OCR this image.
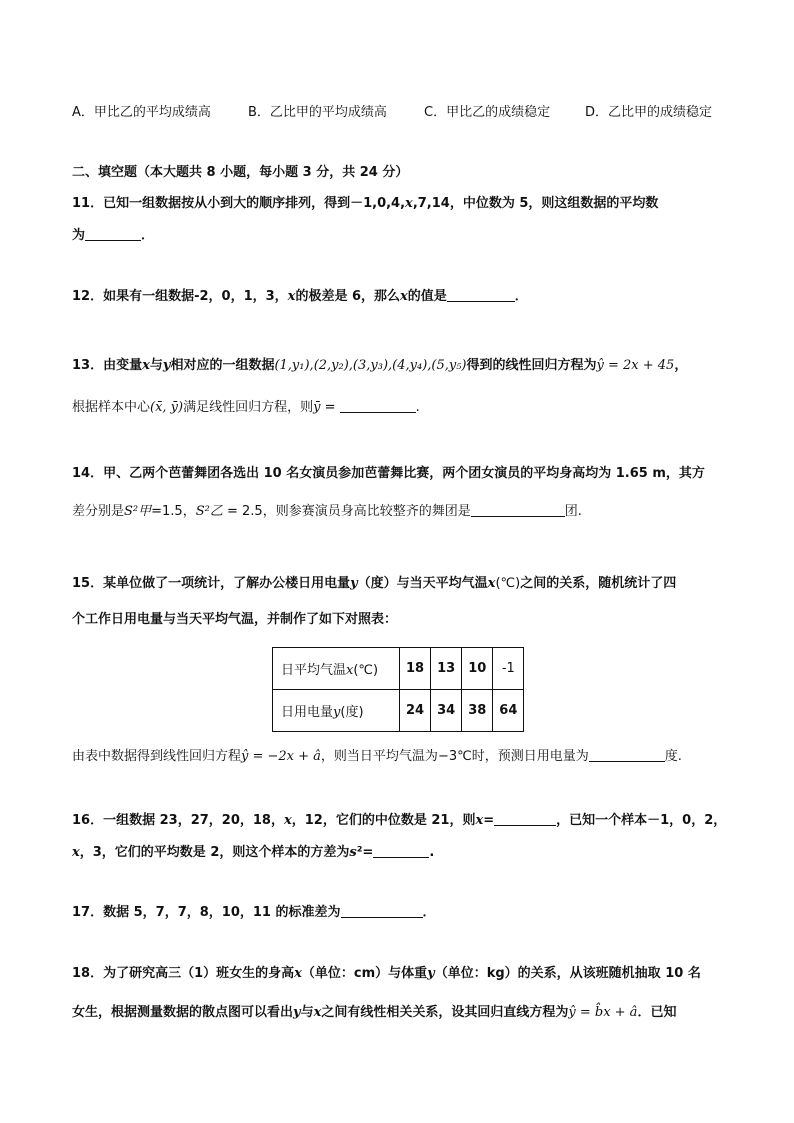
A．甲比乙的平均成绩高	B．乙比甲的平均成绩高	C．甲比乙的成绩稳定	D．乙比甲的成绩稳定
二、填空题（本大题共 8 小题，每小题 3 分，共 24 分）
11．已知一组数据按从小到大的顺序排列，得到－1,0,4,x,7,14，中位数为 5，则这组数据的平均数
为	．
12．如果有一组数据-2，0，1，3，x的极差是 6，那么x的值是	．
13．由变量x与y相对应的一组数据(1,y₁),(2,y₂),(3,y₃),(4,y₄),(5,y₅)得到的线性回归方程为ŷ = 2x + 45，
根据样本中心(x̄, ȳ)满足线性回归方程，则ȳ =	.
14．甲、乙两个芭蕾舞团各选出 10 名女演员参加芭蕾舞比赛，两个团女演员的平均身高均为 1.65 m，其方
差分别是S²甲=1.5，S²乙 = 2.5，则参赛演员身高比较整齐的舞团是	团.
15．某单位做了一项统计，了解办公楼日用电量y（度）与当天平均气温x(℃)之间的关系，随机统计了四
个工作日用电量与当天平均气温，并制作了如下对照表：
日平均气温x(℃)	18	13	10	-1
日用电量y(度)	24	34	38	64
由表中数据得到线性回归方程ŷ = −2x + â，则当日平均气温为−3℃时，预测日用电量为	度.
16．一组数据 23，27，20，18，x，12，它们的中位数是 21，则x=	，已知一个样本－1，0，2，
x，3，它们的平均数是 2，则这个样本的方差为s²=	.
17．数据 5，7，7，8，10，11 的标准差为	．
18．为了研究高三（1）班女生的身高x（单位：cm）与体重y（单位：kg）的关系，从该班随机抽取 10 名
女生，根据测量数据的散点图可以看出y与x之间有线性相关关系，设其回归直线方程为ŷ = b̂x + â．已知
